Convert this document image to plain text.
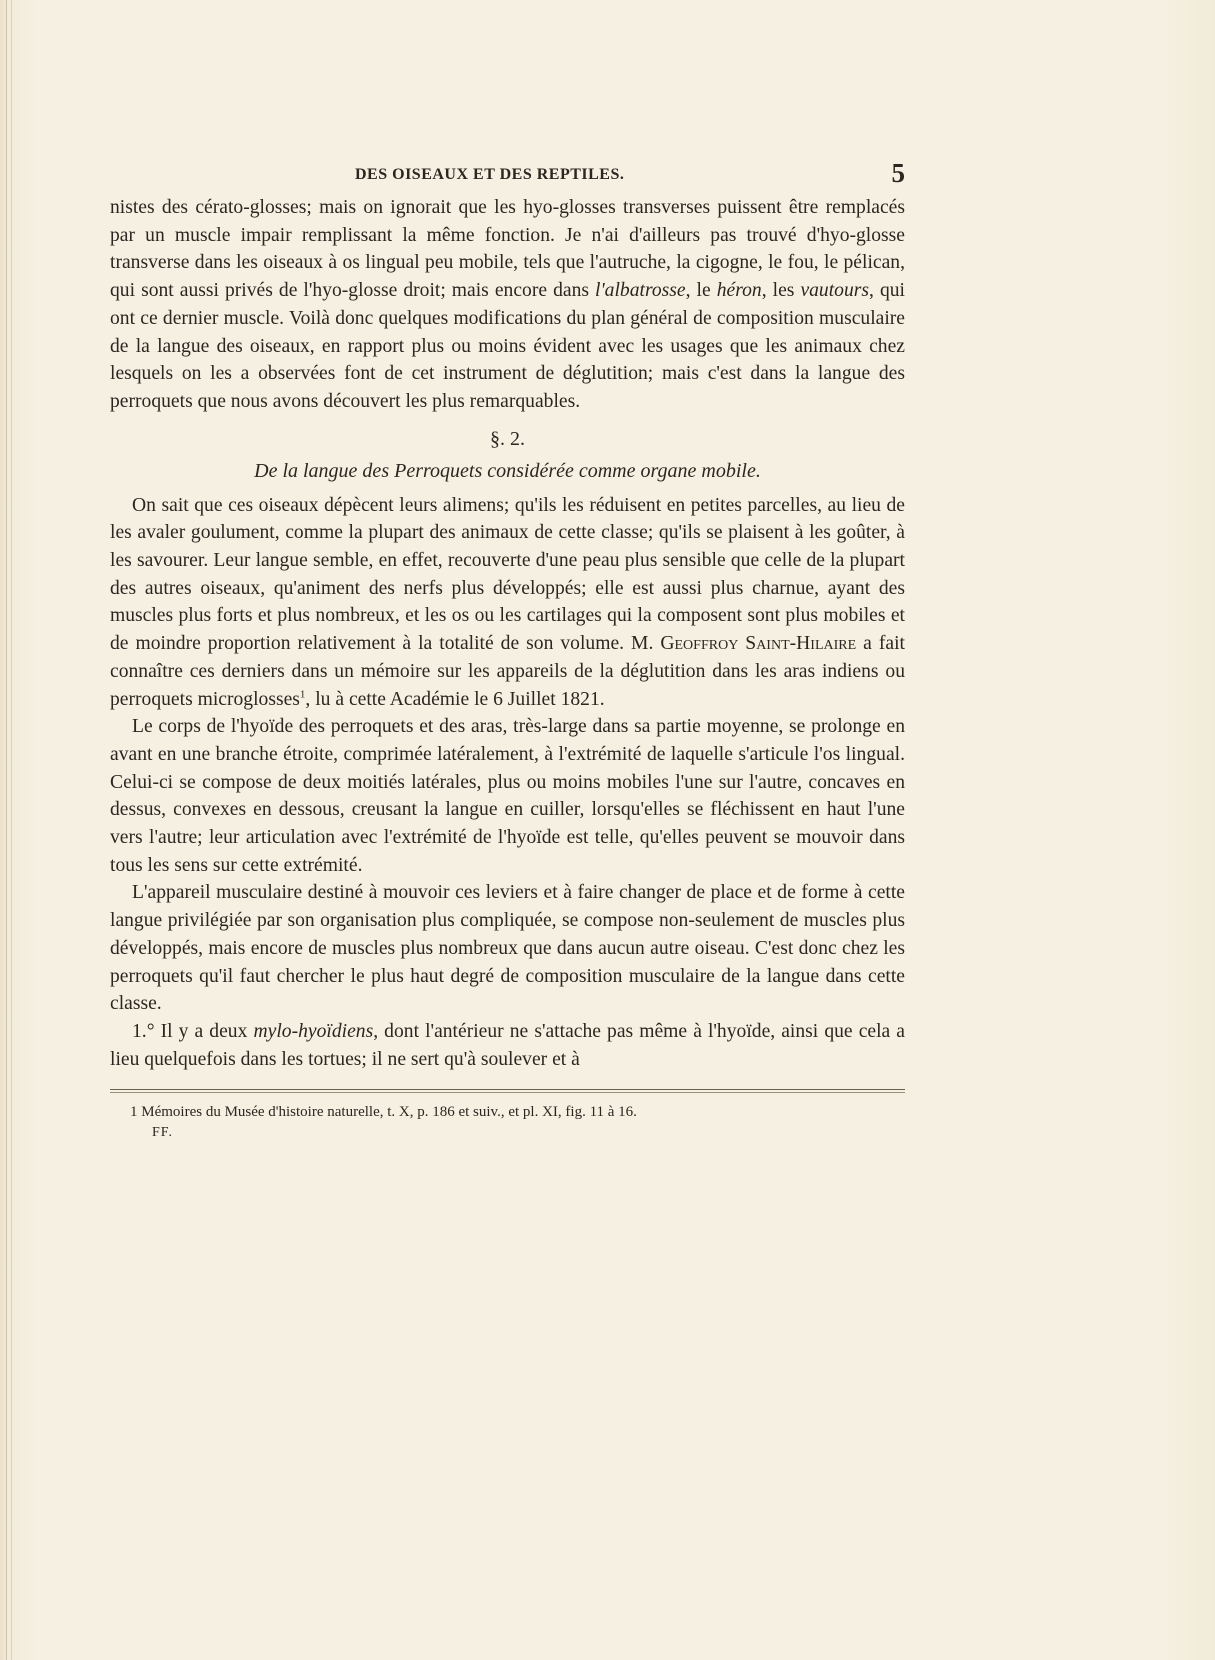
DES OISEAUX ET DES REPTILES.	5

nistes des cérato-glosses; mais on ignorait que les hyo-glosses transverses puissent être remplacés par un muscle impair remplissant la même fonction. Je n'ai d'ailleurs pas trouvé d'hyo-glosse transverse dans les oiseaux à os lingual peu mobile, tels que l'autruche, la cigogne, le fou, le pélican, qui sont aussi privés de l'hyo-glosse droit; mais encore dans l'albatrosse, le héron, les vautours, qui ont ce dernier muscle. Voilà donc quelques modifications du plan général de composition musculaire de la langue des oiseaux, en rapport plus ou moins évident avec les usages que les animaux chez lesquels on les a observées font de cet instrument de déglutition; mais c'est dans la langue des perroquets que nous avons découvert les plus remarquables.

§. 2.
De la langue des Perroquets considérée comme organe mobile.

On sait que ces oiseaux dépècent leurs alimens; qu'ils les réduisent en petites parcelles, au lieu de les avaler goulument, comme la plupart des animaux de cette classe; qu'ils se plaisent à les goûter, à les savourer. Leur langue semble, en effet, recouverte d'une peau plus sensible que celle de la plupart des autres oiseaux, qu'animent des nerfs plus développés; elle est aussi plus charnue, ayant des muscles plus forts et plus nombreux, et les os ou les cartilages qui la composent sont plus mobiles et de moindre proportion relativement à la totalité de son volume. M. Geoffroy Saint-Hilaire a fait connaître ces derniers dans un mémoire sur les appareils de la déglutition dans les aras indiens ou perroquets microglosses$^1$, lu à cette Académie le 6 Juillet 1821.

Le corps de l'hyoïde des perroquets et des aras, très-large dans sa partie moyenne, se prolonge en avant en une branche étroite, comprimée latéralement, à l'extrémité de laquelle s'articule l'os lingual. Celui-ci se compose de deux moitiés latérales, plus ou moins mobiles l'une sur l'autre, concaves en dessus, convexes en dessous, creusant la langue en cuiller, lorsqu'elles se fléchissent en haut l'une vers l'autre; leur articulation avec l'extrémité de l'hyoïde est telle, qu'elles peuvent se mouvoir dans tous les sens sur cette extrémité.

L'appareil musculaire destiné à mouvoir ces leviers et à faire changer de place et de forme à cette langue privilégiée par son organisation plus compliquée, se compose non-seulement de muscles plus développés, mais encore de muscles plus nombreux que dans aucun autre oiseau. C'est donc chez les perroquets qu'il faut chercher le plus haut degré de composition musculaire de la langue dans cette classe.

1.° Il y a deux mylo-hyoïdiens, dont l'antérieur ne s'attache pas même à l'hyoïde, ainsi que cela a lieu quelquefois dans les tortues; il ne sert qu'à soulever et à

1 Mémoires du Musée d'histoire naturelle, t. X, p. 186 et suiv., et pl. XI, fig. 11 à 16.
FF.
